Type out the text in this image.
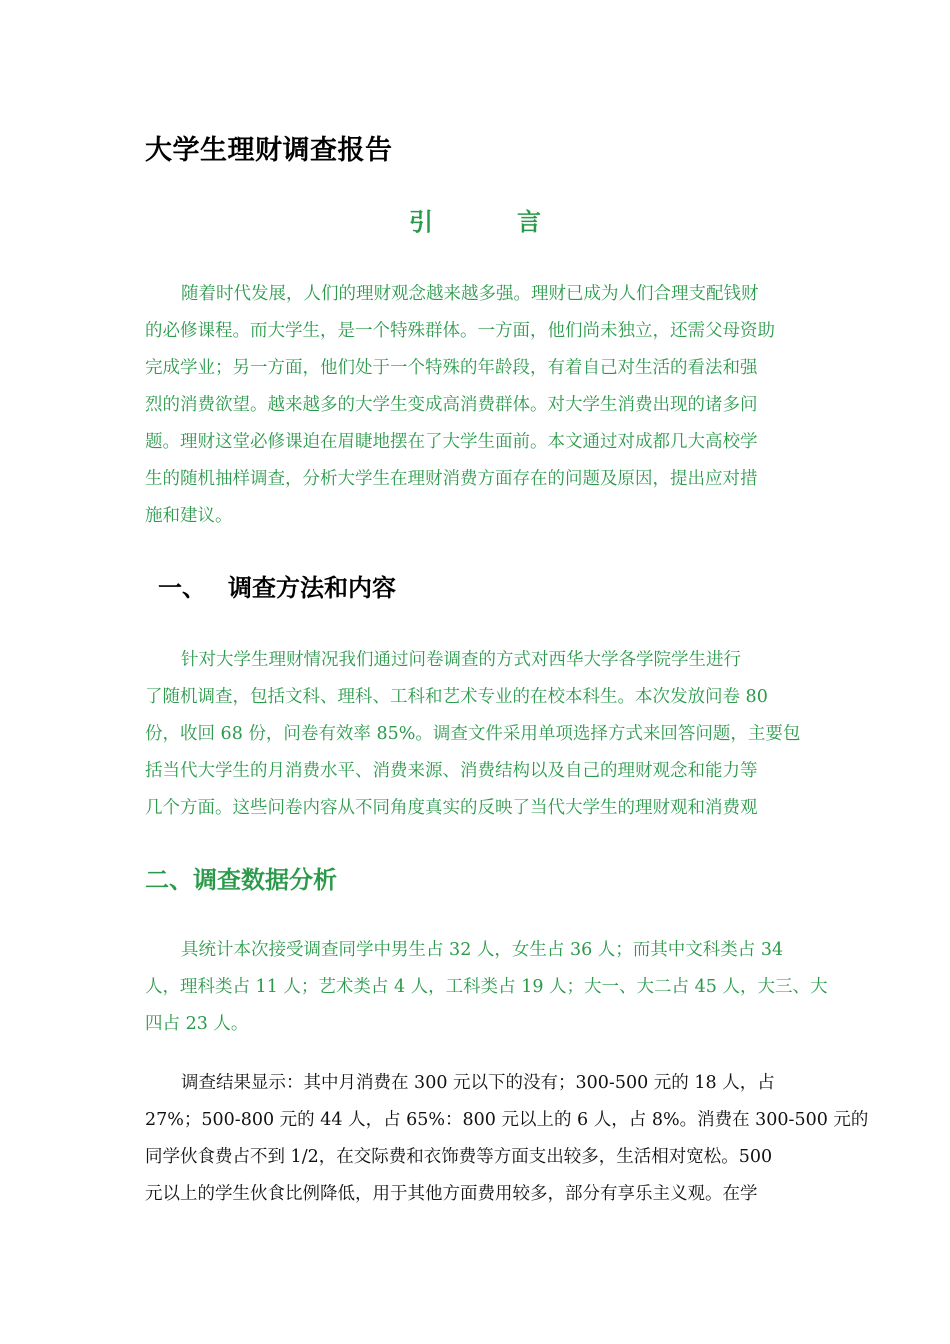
大学生理财调查报告
引　言
随着时代发展，人们的理财观念越来越多强。理财已成为人们合理支配钱财
的必修课程。而大学生，是一个特殊群体。一方面，他们尚未独立，还需父母资助
完成学业；另一方面，他们处于一个特殊的年龄段，有着自己对生活的看法和强
烈的消费欲望。越来越多的大学生变成高消费群体。对大学生消费出现的诸多问
题。理财这堂必修课迫在眉睫地摆在了大学生面前。本文通过对成都几大高校学
生的随机抽样调查，分析大学生在理财消费方面存在的问题及原因，提出应对措
施和建议。
一、 调查方法和内容
针对大学生理财情况我们通过问卷调查的方式对西华大学各学院学生进行
了随机调查，包括文科、理科、工科和艺术专业的在校本科生。本次发放问卷 80
份，收回 68 份，问卷有效率 85%。调查文件采用单项选择方式来回答问题，主要包
括当代大学生的月消费水平、消费来源、消费结构以及自己的理财观念和能力等
几个方面。这些问卷内容从不同角度真实的反映了当代大学生的理财观和消费观
二、调查数据分析
具统计本次接受调查同学中男生占 32 人，女生占 36 人；而其中文科类占 34
人，理科类占 11 人；艺术类占 4 人，工科类占 19 人；大一、大二占 45 人，大三、大
四占 23 人。
调查结果显示：其中月消费在 300 元以下的没有；300-500 元的 18 人，占
27%；500-800 元的 44 人，占 65%：800 元以上的 6 人，占 8%。消费在 300-500 元的
同学伙食费占不到 1/2，在交际费和衣饰费等方面支出较多，生活相对宽松。500
元以上的学生伙食比例降低，用于其他方面费用较多，部分有享乐主义观。在学
